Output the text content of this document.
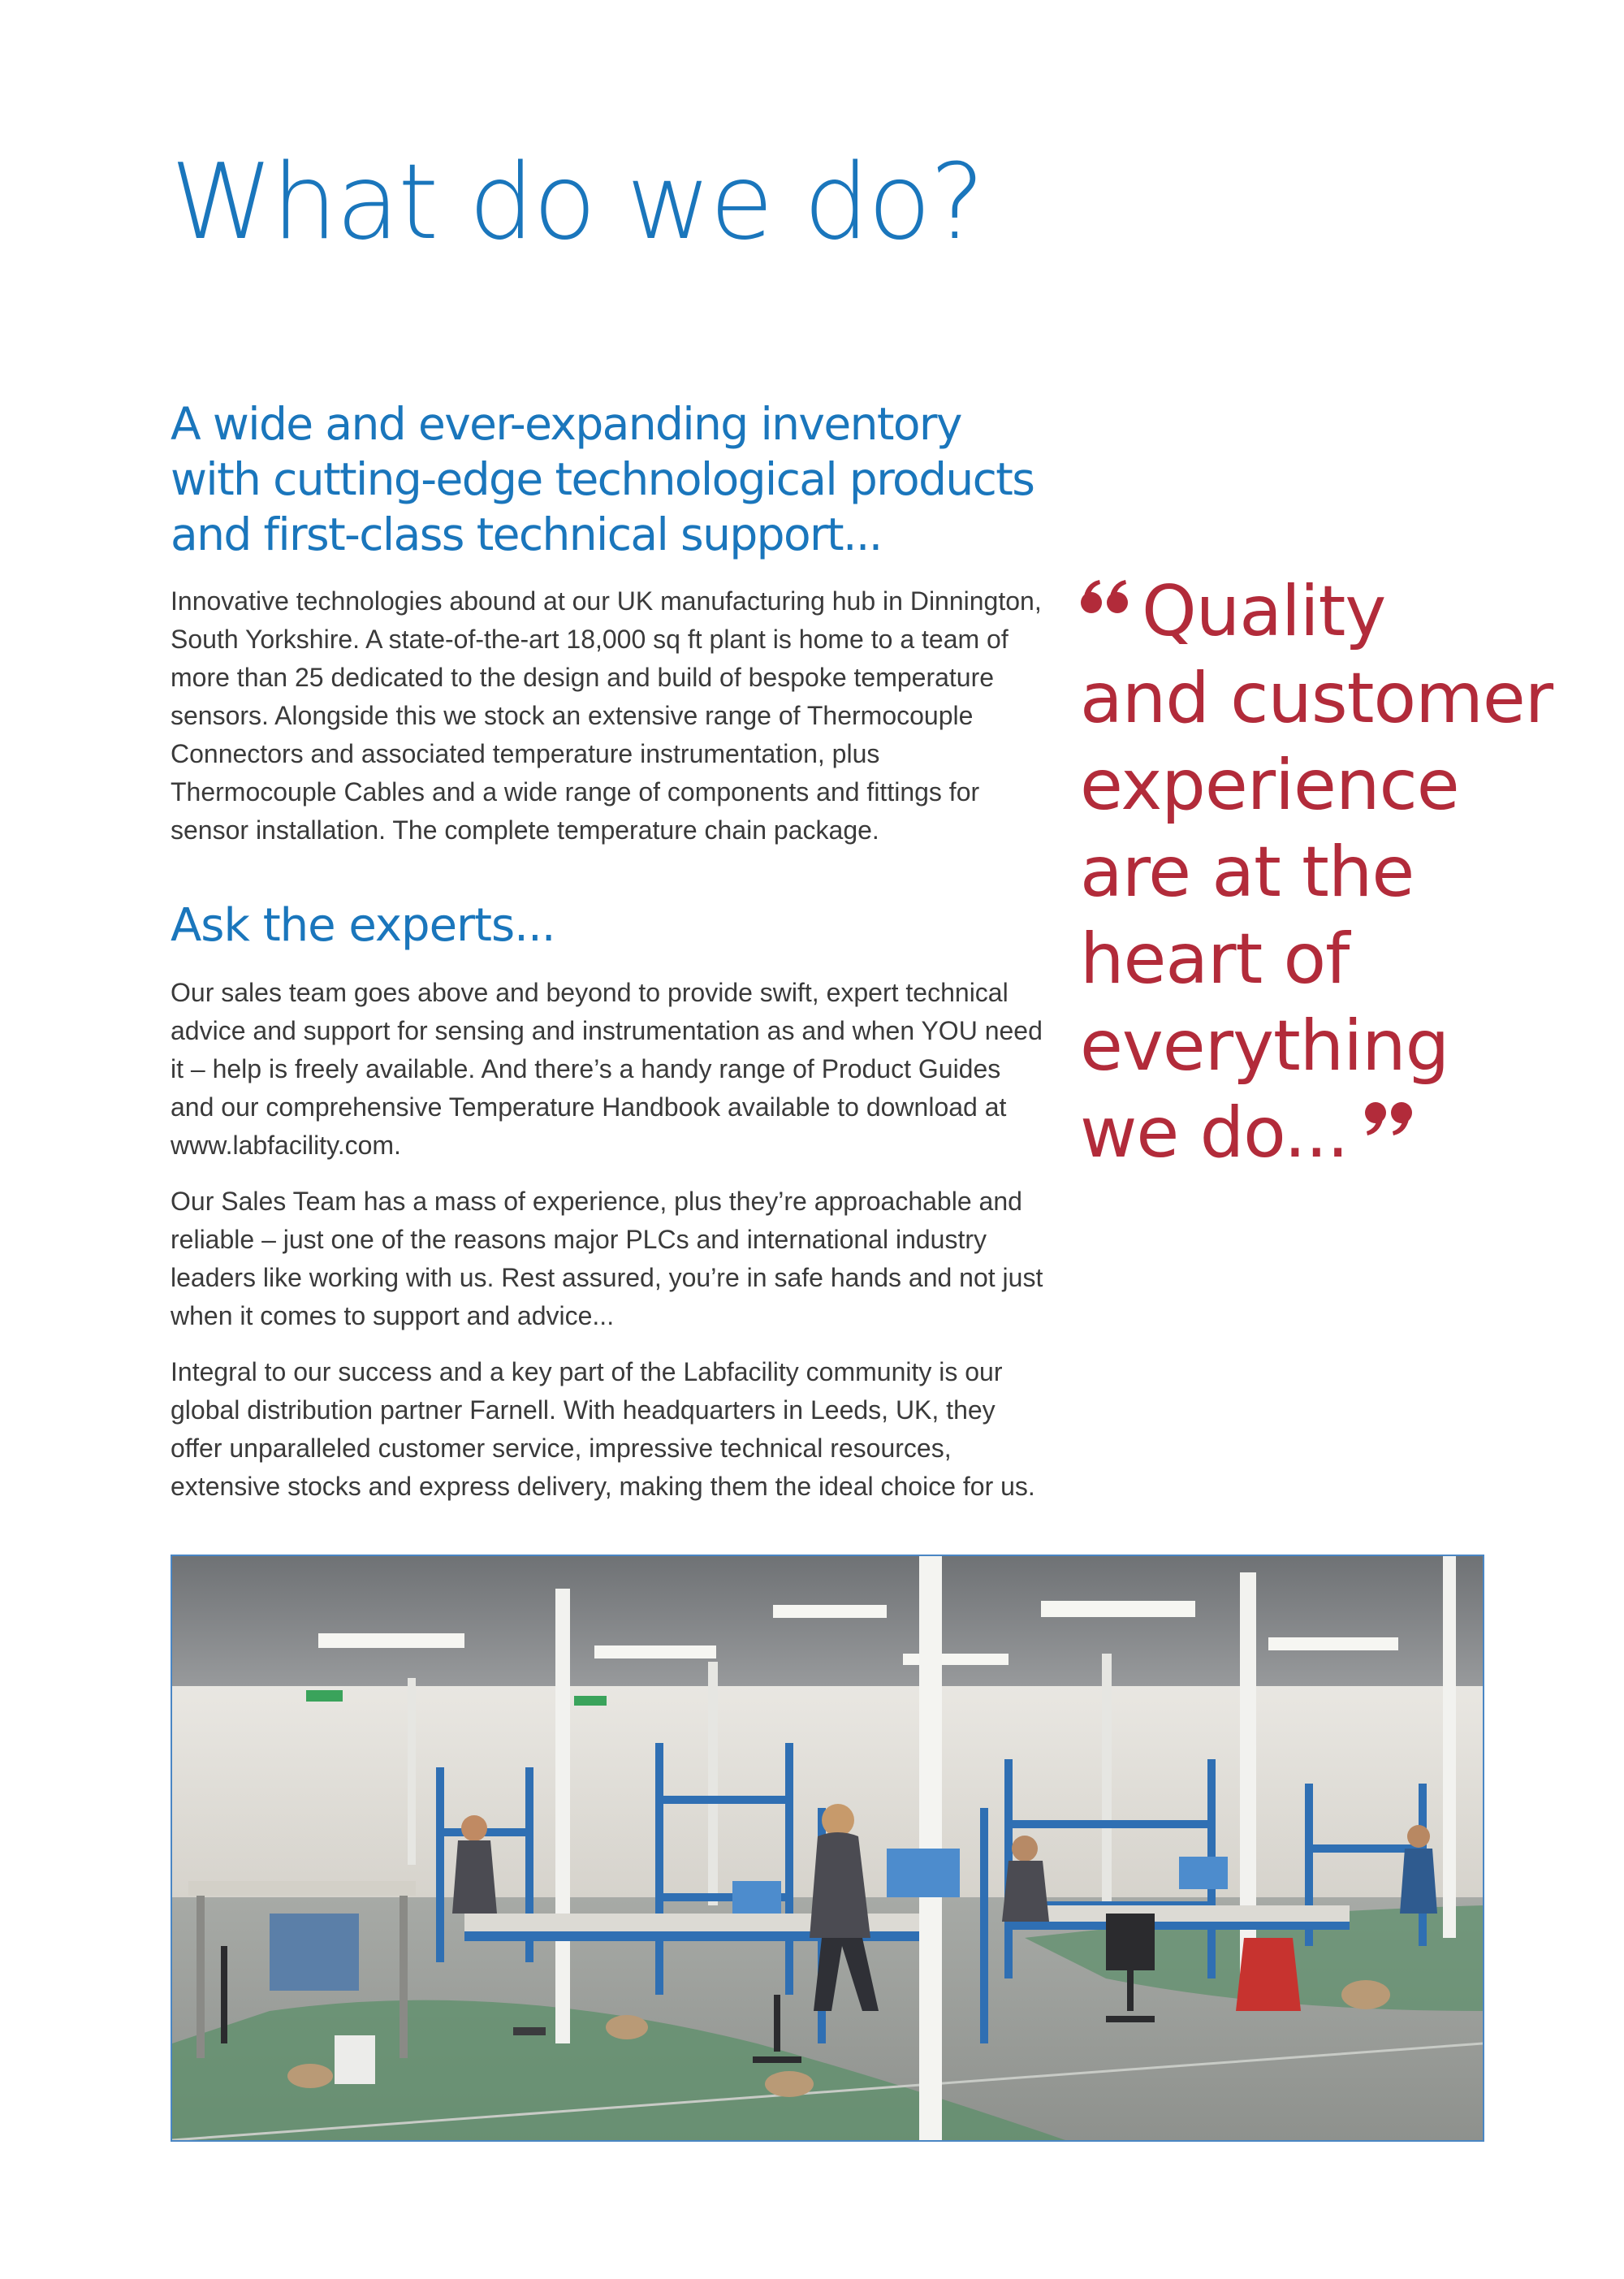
What do we do?
A wide and ever-expanding inventory
with cutting-edge technological products
and first-class technical support...

Innovative technologies abound at our UK manufacturing hub in Dinnington, South Yorkshire. A state-of-the-art 18,000 sq ft plant is home to a team of more than 25 dedicated to the design and build of bespoke temperature sensors. Alongside this we stock an extensive range of Thermocouple Connectors and associated temperature instrumentation, plus Thermocouple Cables and a wide range of components and fittings for sensor installation. The complete temperature chain package.

Ask the experts...

Our sales team goes above and beyond to provide swift, expert technical advice and support for sensing and instrumentation as and when YOU need it – help is freely available. And there’s a handy range of Product Guides and our comprehensive Temperature Handbook available to download at www.labfacility.com.

Our Sales Team has a mass of experience, plus they’re approachable and reliable – just one of the reasons major PLCs and international industry leaders like working with us. Rest assured, you’re in safe hands and not just when it comes to support and advice...

Integral to our success and a key part of the Labfacility community is our global distribution partner Farnell. With headquarters in Leeds, UK, they offer unparalleled customer service, impressive technical resources, extensive stocks and express delivery, making them the ideal choice for us.

Quality
and customer
experience
are at the
heart of
everything
we do...
